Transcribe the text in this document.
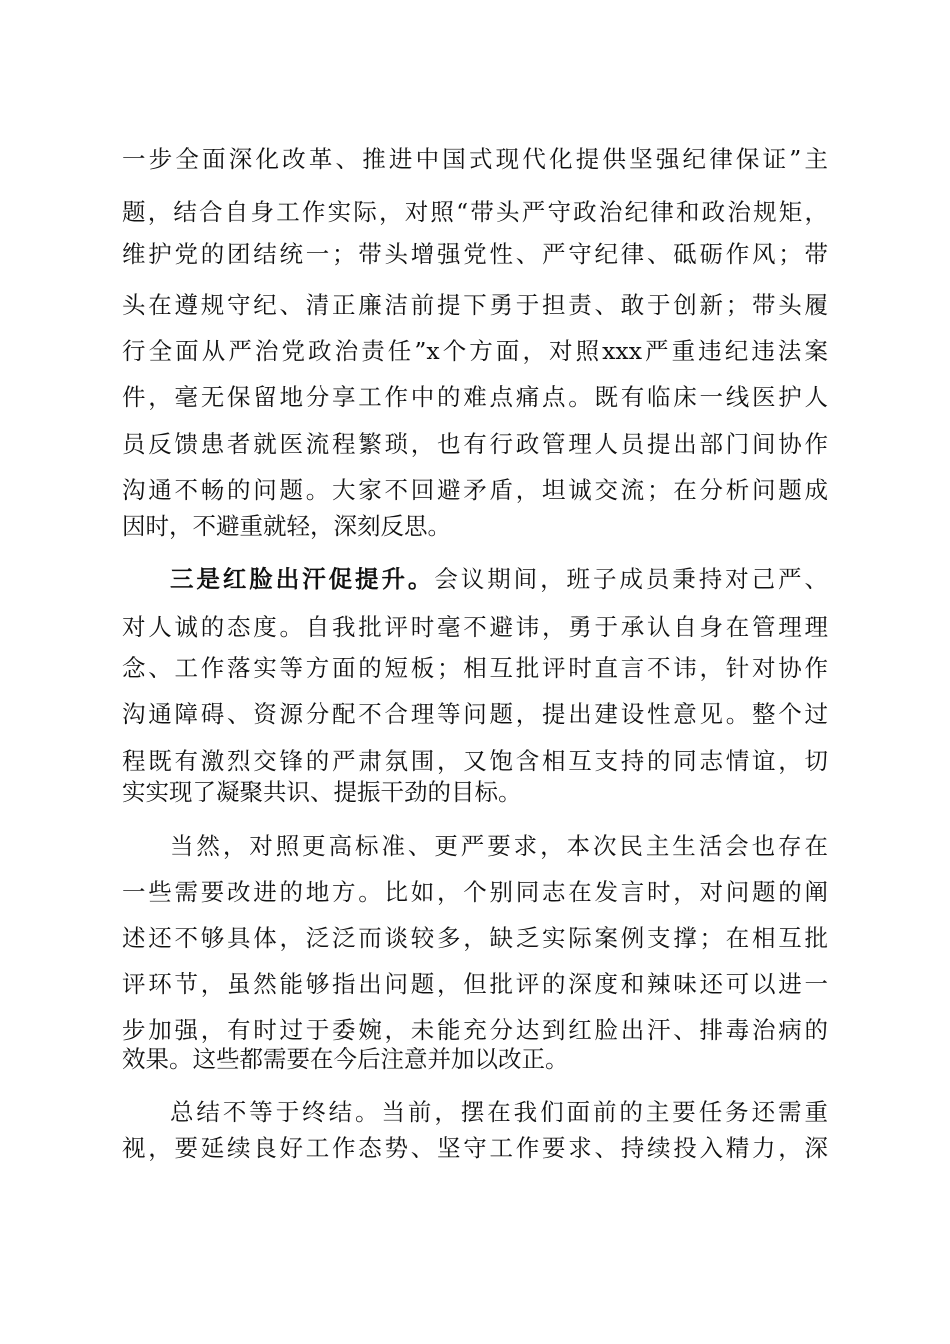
一步全面深化改革、推进中国式现代化提供坚强纪律保证”主
题，结合自身工作实际，对照“带头严守政治纪律和政治规矩，
维护党的团结统一；带头增强党性、严守纪律、砥砺作风；带
头在遵规守纪、清正廉洁前提下勇于担责、敢于创新；带头履
行全面从严治党政治责任”x个方面，对照xxx严重违纪违法案
件，毫无保留地分享工作中的难点痛点。既有临床一线医护人
员反馈患者就医流程繁琐，也有行政管理人员提出部门间协作
沟通不畅的问题。大家不回避矛盾，坦诚交流；在分析问题成
因时，不避重就轻，深刻反思。
三是红脸出汗促提升。会议期间，班子成员秉持对己严、
对人诚的态度。自我批评时毫不避讳，勇于承认自身在管理理
念、工作落实等方面的短板；相互批评时直言不讳，针对协作
沟通障碍、资源分配不合理等问题，提出建设性意见。整个过
程既有激烈交锋的严肃氛围，又饱含相互支持的同志情谊，切
实实现了凝聚共识、提振干劲的目标。
当然，对照更高标准、更严要求，本次民主生活会也存在
一些需要改进的地方。比如，个别同志在发言时，对问题的阐
述还不够具体，泛泛而谈较多，缺乏实际案例支撑；在相互批
评环节，虽然能够指出问题，但批评的深度和辣味还可以进一
步加强，有时过于委婉，未能充分达到红脸出汗、排毒治病的
效果。这些都需要在今后注意并加以改正。
总结不等于终结。当前，摆在我们面前的主要任务还需重
视，要延续良好工作态势、坚守工作要求、持续投入精力，深
